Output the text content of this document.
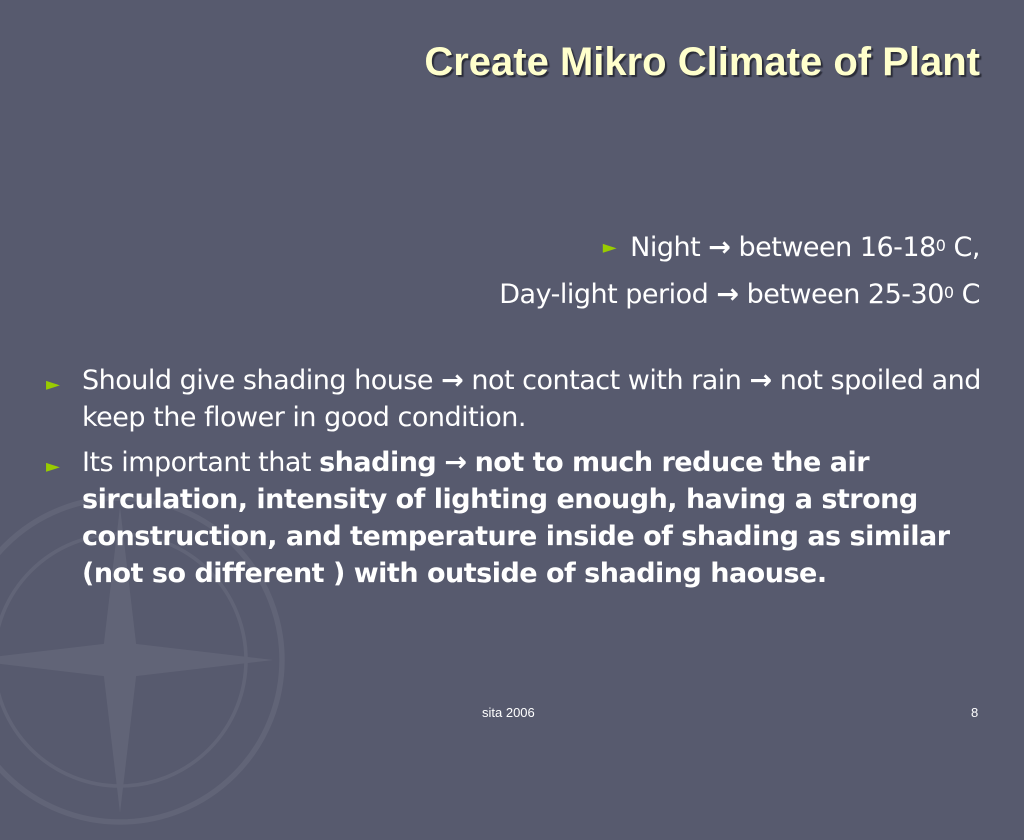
Create Mikro Climate of Plant
► Night → between $16-18^0$ C,
Day-light period → between $25-30^0$ C
► Should give shading house → not contact with rain → not spoiled and keep the flower in good condition.
► Its important that shading → not to much reduce the air sirculation, intensity of lighting enough, having a strong construction, and temperature inside of shading as similar (not so different ) with outside of shading haouse.
sita 2006	8
